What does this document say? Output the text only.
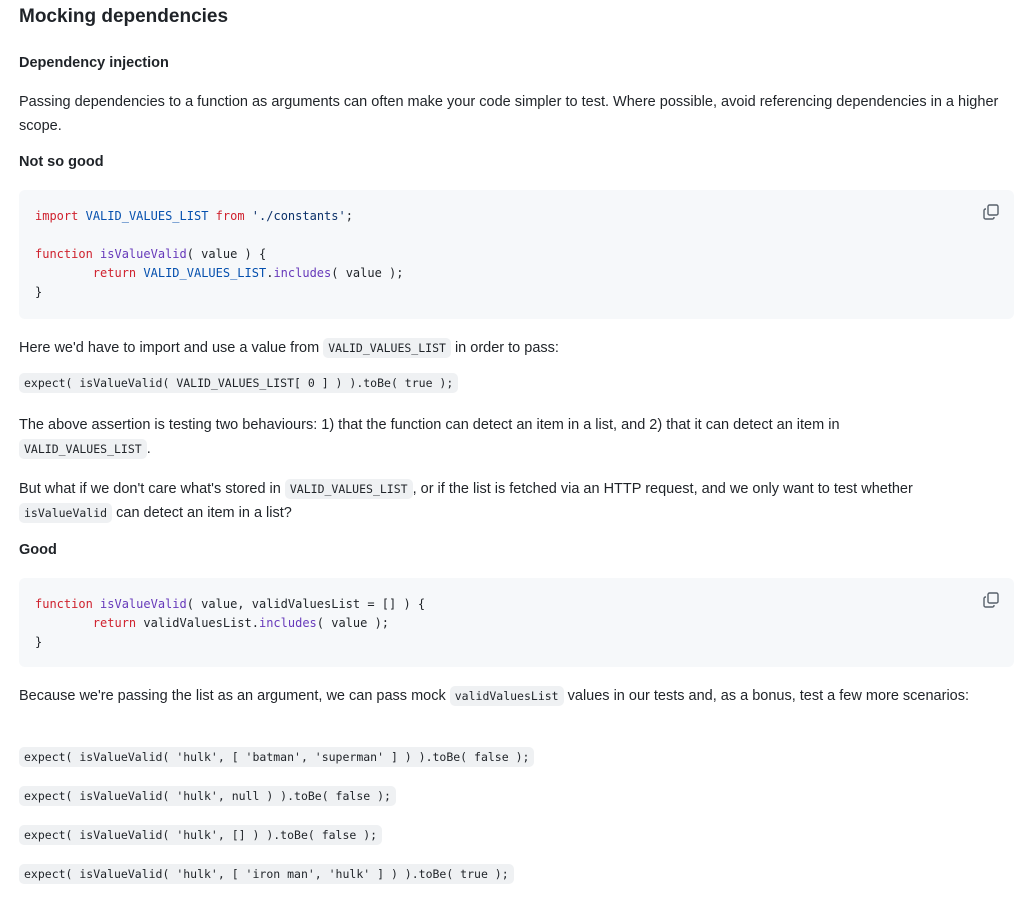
Mocking dependencies
Dependency injection
Passing dependencies to a function as arguments can often make your code simpler to test. Where possible, avoid referencing dependencies in a higher scope.
Not so good
import VALID_VALUES_LIST from './constants';
function isValueValid( value ) {
return VALID_VALUES_LIST.includes( value );
}
Here we'd have to import and use a value from VALID_VALUES_LIST in order to pass:
expect( isValueValid( VALID_VALUES_LIST[ 0 ] ) ).toBe( true );
The above assertion is testing two behaviours: 1) that the function can detect an item in a list, and 2) that it can detect an item in
VALID_VALUES_LIST .
But what if we don't care what's stored in VALID_VALUES_LIST , or if the list is fetched via an HTTP request, and we only want to test whether
isValueValid can detect an item in a list?
Good
function isValueValid( value, validValuesList = [] ) {
return validValuesList.includes( value );
}
Because we're passing the list as an argument, we can pass mock validValuesList values in our tests and, as a bonus, test a few more scenarios:
expect( isValueValid( 'hulk', [ 'batman', 'superman' ] ) ).toBe( false );
expect( isValueValid( 'hulk', null ) ).toBe( false );
expect( isValueValid( 'hulk', [] ) ).toBe( false );
expect( isValueValid( 'hulk', [ 'iron man', 'hulk' ] ) ).toBe( true );
